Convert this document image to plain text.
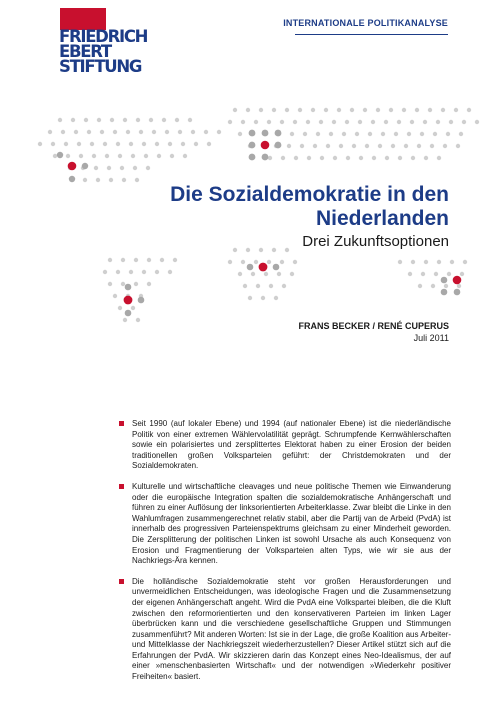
FRIEDRICH
EBERT
STIFTUNG
INTERNATIONALE POLITIKANALYSE
Die Sozialdemokratie in den
Niederlanden
Drei Zukunftsoptionen
FRANS BECKER / RENÉ CUPERUS
Juli 2011
Seit 1990 (auf lokaler Ebene) und 1994 (auf nationaler Ebene) ist die niederländische Politik von einer extremen Wählervolatilität geprägt. Schrumpfende Kernwählerschaften sowie ein polarisiertes und zersplittertes Elektorat haben zu einer Erosion der beiden traditionellen großen Volksparteien geführt: der Christdemokraten und der Sozialdemokraten.
Kulturelle und wirtschaftliche cleavages und neue politische Themen wie Einwanderung oder die europäische Integration spalten die sozialdemokratische Anhängerschaft und führen zu einer Auflösung der linksorientierten Arbeiterklasse. Zwar bleibt die Linke in den Wahlumfragen zusammengerechnet relativ stabil, aber die Partij van de Arbeid (PvdA) ist innerhalb des progressiven Parteienspektrums gleichsam zu einer Minderheit geworden. Die Zersplitterung der politischen Linken ist sowohl Ursache als auch Konsequenz von Erosion und Fragmentierung der Volksparteien alten Typs, wie wir sie aus der Nachkriegs-Ära kennen.
Die holländische Sozialdemokratie steht vor großen Herausforderungen und unvermeidlichen Entscheidungen, was ideologische Fragen und die Zusammensetzung der eigenen Anhängerschaft angeht. Wird die PvdA eine Volkspartei bleiben, die die Kluft zwischen den reformorientierten und den konservativeren Parteien im linken Lager überbrücken kann und die verschiedene gesellschaftliche Gruppen und Stimmungen zusammenführt? Mit anderen Worten: Ist sie in der Lage, die große Koalition aus Arbeiter- und Mittelklasse der Nachkriegszeit wiederherzustellen? Dieser Artikel stützt sich auf die Erfahrungen der PvdA. Wir skizzieren darin das Konzept eines Neo-Idealismus, der auf einer »menschenbasierten Wirtschaft« und der notwendigen »Wiederkehr positiver Freiheiten« basiert.
